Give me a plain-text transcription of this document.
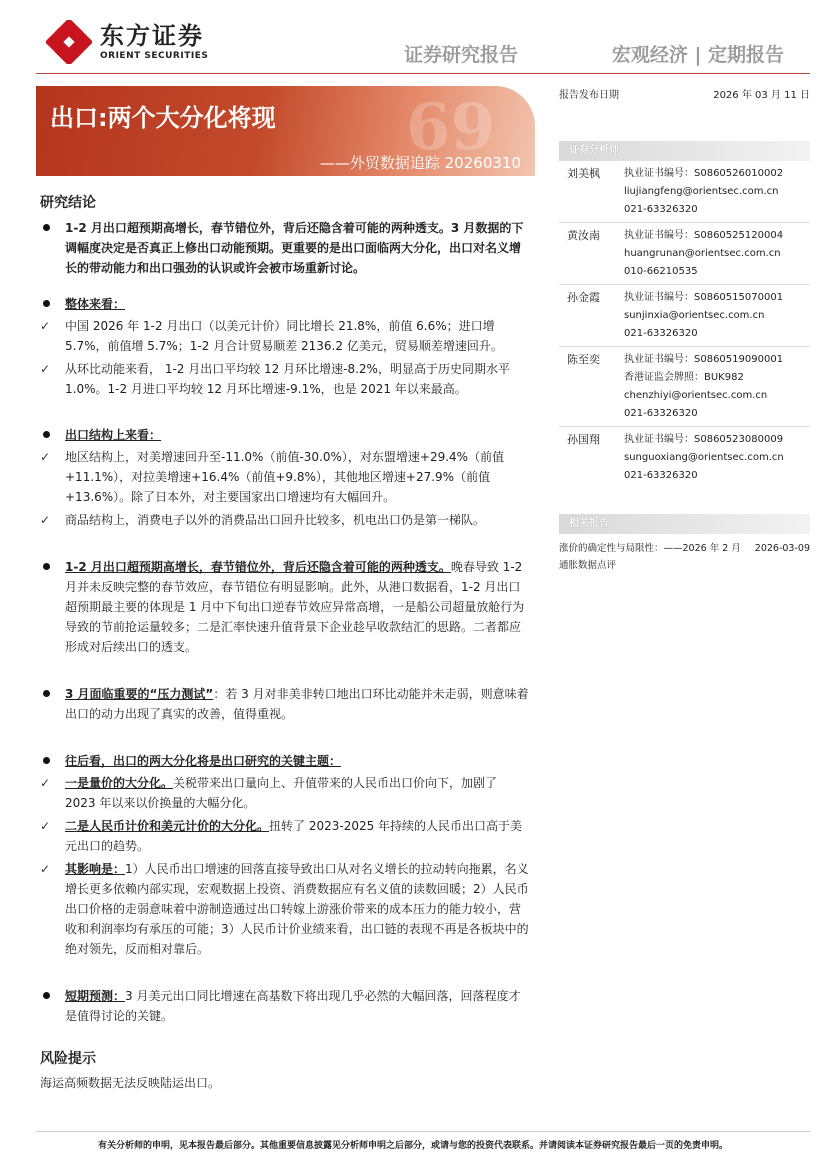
东方证券
ORIENT SECURITIES	证券研究报告	宏观经济 | 定期报告
69
出口:两个大分化将现
——外贸数据追踪 20260310
研究结论
1-2 月出口超预期高增长，春节错位外，背后还隐含着可能的两种透支。3 月数据的下调幅度决定是否真正上修出口动能预期。更重要的是出口面临两大分化，出口对名义增长的带动能力和出口强劲的认识或许会被市场重新讨论。
整体来看：
✓	中国 2026 年 1-2 月出口（以美元计价）同比增长 21.8%，前值 6.6%；进口增 5.7%，前值增 5.7%；1-2 月合计贸易顺差 2136.2 亿美元，贸易顺差增速回升。
✓	从环比动能来看， 1-2 月出口平均较 12 月环比增速-8.2%，明显高于历史同期水平 1.0%。1-2 月进口平均较 12 月环比增速-9.1%，也是 2021 年以来最高。
出口结构上来看：
✓	地区结构上，对美增速回升至-11.0%（前值-30.0%），对东盟增速+29.4%（前值 +11.1%），对拉美增速+16.4%（前值+9.8%），其他地区增速+27.9%（前值 +13.6%）。除了日本外，对主要国家出口增速均有大幅回升。
✓	商品结构上，消费电子以外的消费品出口回升比较多，机电出口仍是第一梯队。
1-2 月出口超预期高增长，春节错位外，背后还隐含着可能的两种透支。晚春导致 1-2 月并未反映完整的春节效应，春节错位有明显影响。此外，从港口数据看，1-2 月出口超预期最主要的体现是 1 月中下旬出口逆春节效应异常高增，一是船公司超量放舱行为导致的节前抢运量较多；二是汇率快速升值背景下企业趁早收款结汇的思路。二者都应形成对后续出口的透支。
3 月面临重要的“压力测试”：若 3 月对非美非转口地出口环比动能并未走弱，则意味着出口的动力出现了真实的改善，值得重视。
往后看，出口的两大分化将是出口研究的关键主题：
✓	一是量价的大分化。关税带来出口量向上、升值带来的人民币出口价向下，加剧了 2023 年以来以价换量的大幅分化。
✓	二是人民币计价和美元计价的大分化。扭转了 2023-2025 年持续的人民币出口高于美元出口的趋势。
✓	其影响是：1）人民币出口增速的回落直接导致出口从对名义增长的拉动转向拖累，名义增长更多依赖内部实现，宏观数据上投资、消费数据应有名义值的读数回暖；2）人民币出口价格的走弱意味着中游制造通过出口转嫁上游涨价带来的成本压力的能力较小，营收和利润率均有承压的可能；3）人民币计价业绩来看，出口链的表现不再是各板块中的绝对领先，反而相对靠后。
短期预测：3 月美元出口同比增速在高基数下将出现几乎必然的大幅回落，回落程度才是值得讨论的关键。
风险提示
海运高频数据无法反映陆运出口。
报告发布日期	2026 年 03 月 11 日
证券分析师
刘美枫	执业证书编号：S0860526010002
liujiangfeng@orientsec.com.cn
021-63326320
黄汝南	执业证书编号：S0860525120004
huangrunan@orientsec.com.cn
010-66210535
孙金霞	执业证书编号：S0860515070001
sunjinxia@orientsec.com.cn
021-63326320
陈至奕	执业证书编号：S0860519090001
香港证监会牌照：BUK982
chenzhiyi@orientsec.com.cn
021-63326320
孙国翔	执业证书编号：S0860523080009
sunguoxiang@orientsec.com.cn
021-63326320
相关报告
涨价的确定性与局限性：——2026 年 2 月 2026-03-09
通胀数据点评
有关分析师的申明，见本报告最后部分。其他重要信息披露见分析师申明之后部分，或请与您的投资代表联系。并请阅读本证券研究报告最后一页的免责申明。
